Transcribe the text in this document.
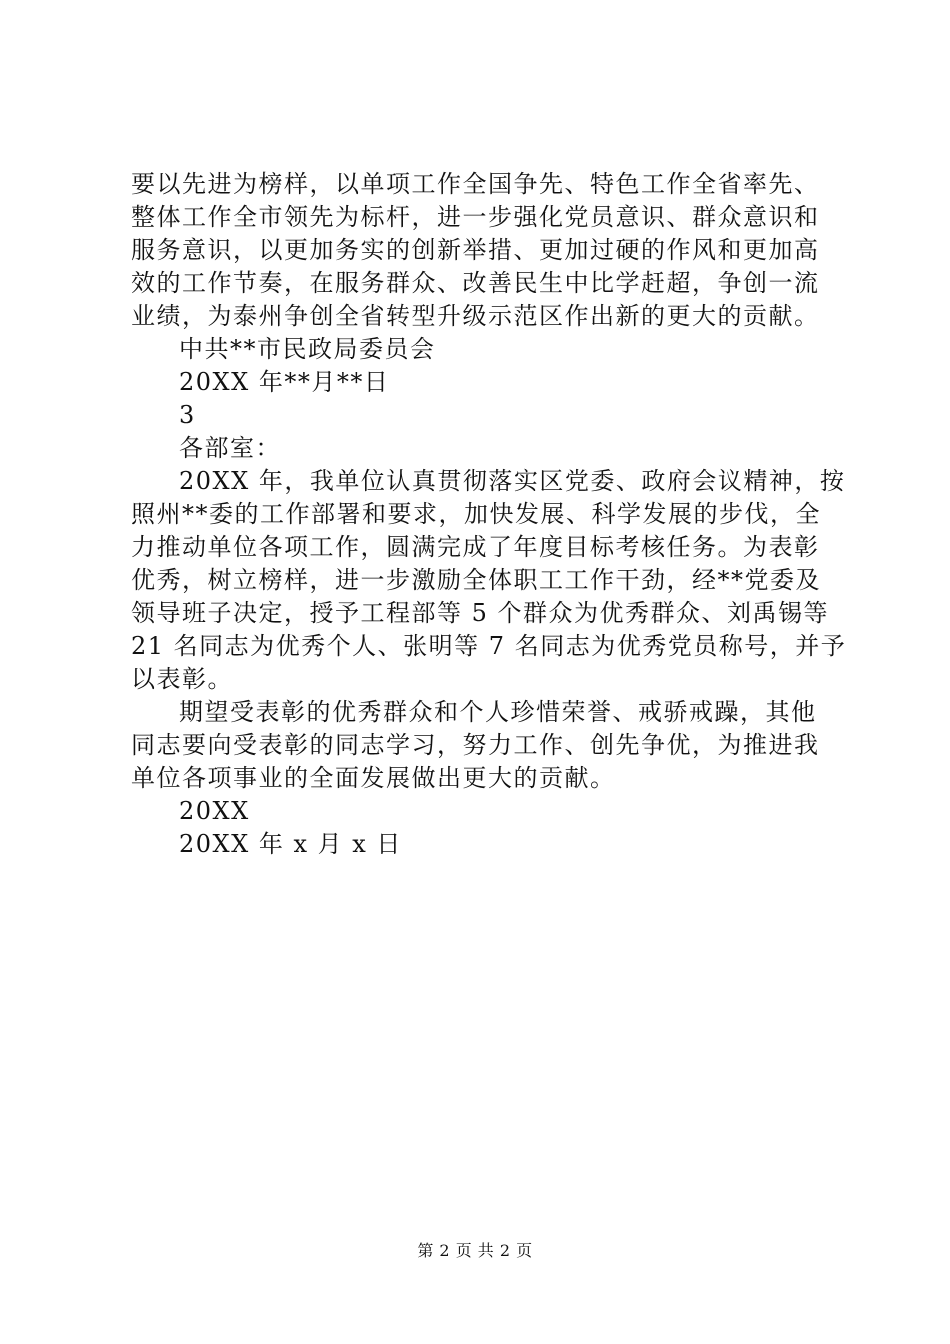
要以先进为榜样，以单项工作全国争先、特色工作全省率先、
整体工作全市领先为标杆，进一步强化党员意识、群众意识和
服务意识，以更加务实的创新举措、更加过硬的作风和更加高
效的工作节奏，在服务群众、改善民生中比学赶超，争创一流
业绩，为泰州争创全省转型升级示范区作出新的更大的贡献。
中共**市民政局委员会
20XX 年**月**日
3
各部室：
20XX 年，我单位认真贯彻落实区党委、政府会议精神，按
照州**委的工作部署和要求，加快发展、科学发展的步伐，全
力推动单位各项工作，圆满完成了年度目标考核任务。为表彰
优秀，树立榜样，进一步激励全体职工工作干劲，经**党委及
领导班子决定，授予工程部等 5 个群众为优秀群众、刘禹锡等
21 名同志为优秀个人、张明等 7 名同志为优秀党员称号，并予
以表彰。
期望受表彰的优秀群众和个人珍惜荣誉、戒骄戒躁，其他
同志要向受表彰的同志学习，努力工作、创先争优，为推进我
单位各项事业的全面发展做出更大的贡献。
20XX
20XX 年 x 月 x 日
第 2 页 共 2 页
